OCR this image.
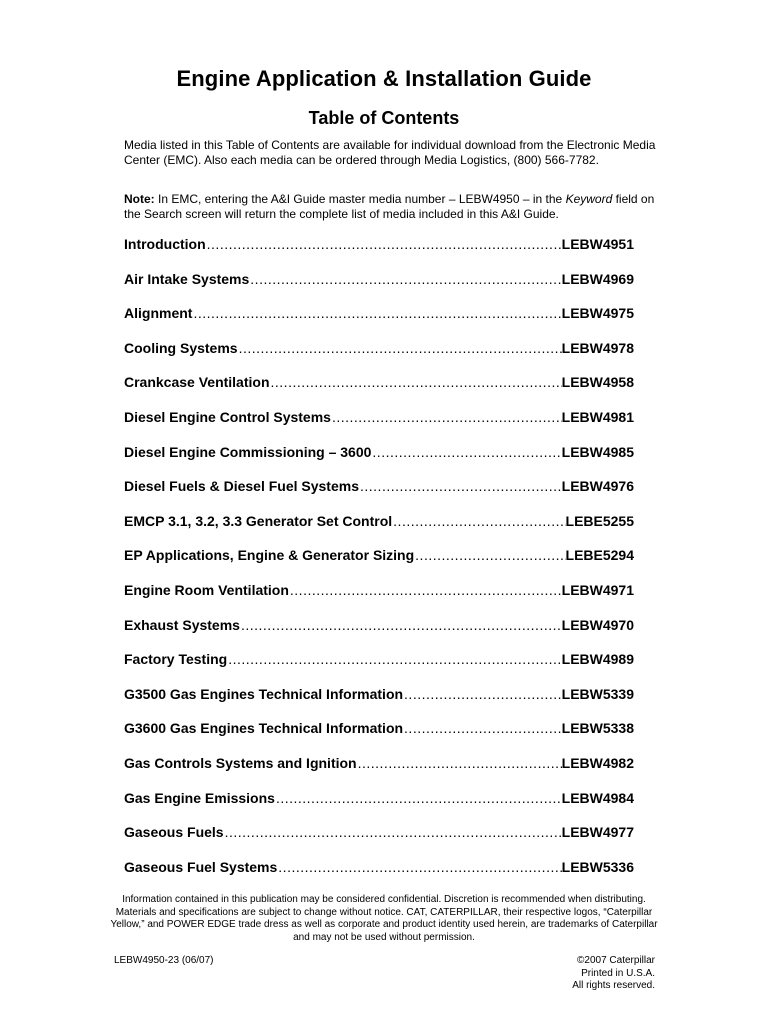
Engine Application & Installation Guide
Table of Contents
Media listed in this Table of Contents are available for individual download from the Electronic Media Center (EMC). Also each media can be ordered through Media Logistics, (800) 566-7782.
Note: In EMC, entering the A&I Guide master media number – LEBW4950 – in the Keyword field on the Search screen will return the complete list of media included in this A&I Guide.
Introduction .....	LEBW4951
Air Intake Systems .....	LEBW4969
Alignment .....	LEBW4975
Cooling Systems .....	LEBW4978
Crankcase Ventilation .....	LEBW4958
Diesel Engine Control Systems .....	LEBW4981
Diesel Engine Commissioning – 3600 .....	LEBW4985
Diesel Fuels & Diesel Fuel Systems .....	LEBW4976
EMCP 3.1, 3.2, 3.3 Generator Set Control .....	LEBE5255
EP Applications, Engine & Generator Sizing .....	LEBE5294
Engine Room Ventilation .....	LEBW4971
Exhaust Systems .....	LEBW4970
Factory Testing .....	LEBW4989
G3500 Gas Engines Technical Information .....	LEBW5339
G3600 Gas Engines Technical Information .....	LEBW5338
Gas Controls Systems and Ignition .....	LEBW4982
Gas Engine Emissions .....	LEBW4984
Gaseous Fuels .....	LEBW4977
Gaseous Fuel Systems .....	LEBW5336
Information contained in this publication may be considered confidential. Discretion is recommended when distributing. Materials and specifications are subject to change without notice. CAT, CATERPILLAR, their respective logos, “Caterpillar Yellow,” and POWER EDGE trade dress as well as corporate and product identity used herein, are trademarks of Caterpillar and may not be used without permission.
LEBW4950-23 (06/07)	©2007 Caterpillar
Printed in U.S.A.
All rights reserved.
